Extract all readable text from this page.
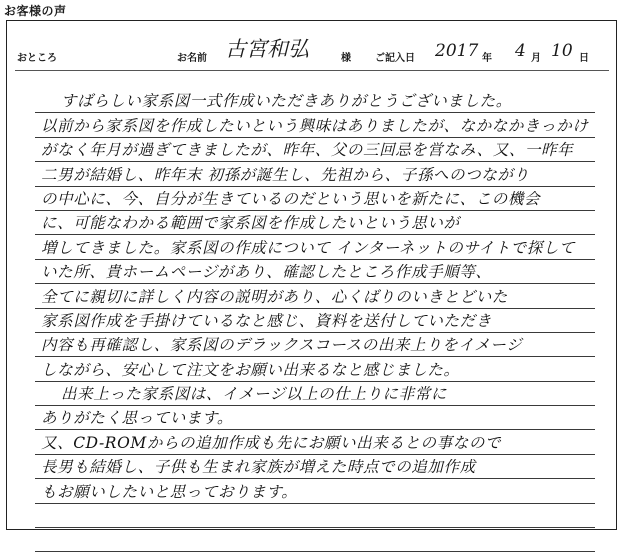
お客様の声
おところ	お名前 古宮和弘	様 ご記入日 2017 年 4 月 10 日
すばらしい家系図一式作成いただきありがとうございました。
以前から家系図を作成したいという興味はありましたが、なかなかきっかけ
がなく年月が過ぎてきましたが、昨年、父の三回忌を営なみ、又、一昨年
二男が結婚し、昨年末 初孫が誕生し、先祖から、子孫へのつながり
の中心に、今、自分が生きているのだという思いを新たに、この機会
に、可能なわかる範囲で家系図を作成したいという思いが
増してきました。家系図の作成について インターネットのサイトで探して
いた所、貴ホームページがあり、確認したところ作成手順等、
全てに親切に詳しく内容の説明があり、心くばりのいきとどいた
家系図作成を手掛けているなと感じ、資料を送付していただき
内容も再確認し、家系図のデラックスコースの出来上りをイメージ
しながら、安心して注文をお願い出来るなと感じました。
出来上った家系図は、イメージ以上の仕上りに非常に
ありがたく思っています。
又、CD-ROMからの追加作成も先にお願い出来るとの事なので
長男も結婚し、子供も生まれ家族が増えた時点での追加作成
もお願いしたいと思っております。
